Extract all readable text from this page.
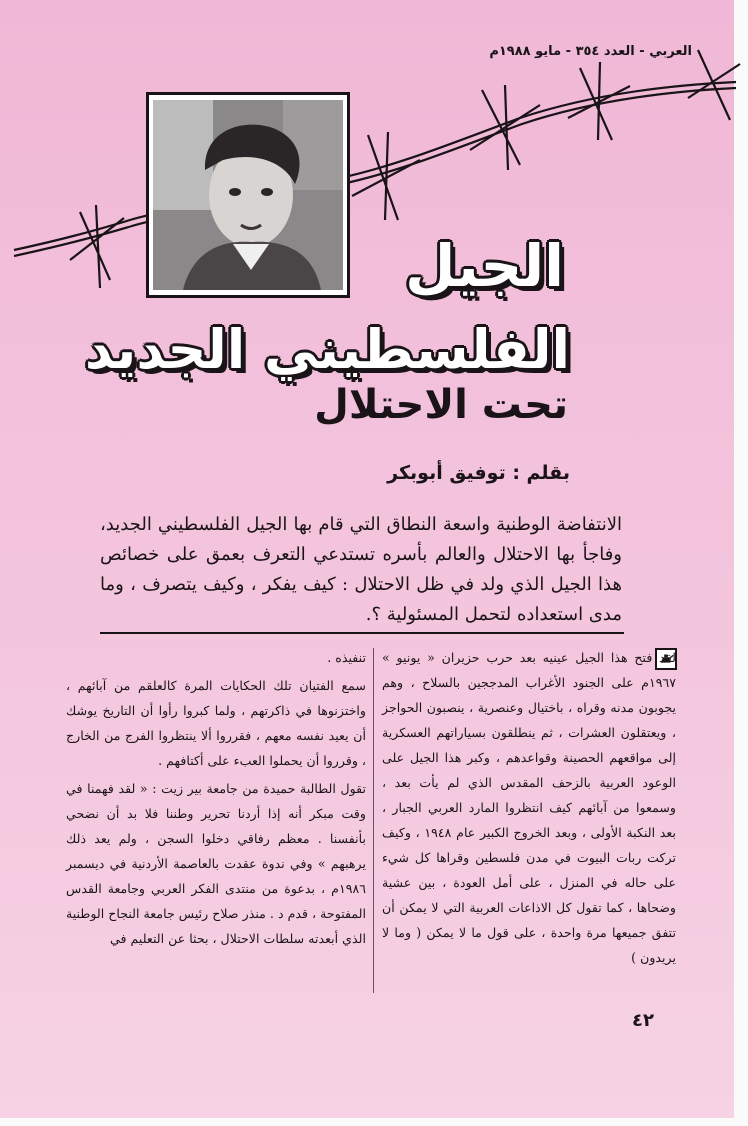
العربي - العدد ٣٥٤ - مايو ١٩٨٨م
الجيل
الفلسطيني الجديد
تحت الاحتلال
بقلم : توفيق أبوبكر
الانتفاضة الوطنية واسعة النطاق التي قام بها الجيل الفلسطيني الجديد، وفاجأ بها الاحتلال والعالم بأسره تستدعي التعرف بعمق على خصائص هذا الجيل الذي ولد في ظل الاحتلال : كيف يفكر ، وكيف يتصرف ، وما مدى استعداده لتحمل المسئولية ؟.

لقد فتح هذا الجيل عينيه بعد حرب حزيران « يونيو » ١٩٦٧م على الجنود الأغراب المدججين بالسلاح ، وهم يجوبون مدنه وقراه ، باختيال وعنصرية ، ينصبون الحواجز ، ويعتقلون العشرات ، ثم ينطلقون بسياراتهم العسكرية إلى مواقعهم الحصينة وقواعدهم ، وكبر هذا الجيل على الوعود العربية بالزحف المقدس الذي لم يأت بعد ، وسمعوا من آبائهم كيف انتظروا المارد العربي الجبار ، بعد النكبة الأولى ، وبعد الخروج الكبير عام ١٩٤٨ ، وكيف تركت ربات البيوت في مدن فلسطين وقراها كل شيء على حاله في المنزل ، على أمل العودة ، بين عشية وضحاها ، كما تقول كل الاذاعات العربية التي لا يمكن أن تتفق جميعها مرة واحدة ، على قول ما لا يمكن ( وما لا يريدون )

تنفيذه .

سمع الفتيان تلك الحكايات المرة كالعلقم من آبائهم ، واختزنوها في ذاكرتهم ، ولما كبروا رأوا أن التاريخ يوشك أن يعيد نفسه معهم ، فقرروا ألا ينتظروا الفرج من الخارج ، وقرروا أن يحملوا العبء على أكتافهم .

تقول الطالبة حميدة من جامعة بير زيت : « لقد فهمنا في وقت مبكر أنه إذا أردنا تحرير وطننا فلا بد أن نضحي بأنفسنا . معظم رفاقي دخلوا السجن ، ولم يعد ذلك يرهبهم » وفي ندوة عقدت بالعاصمة الأردنية في ديسمبر ١٩٨٦م ، بدعوة من منتدى الفكر العربي وجامعة القدس المفتوحة ، قدم د . منذر صلاح رئيس جامعة النجاح الوطنية الذي أبعدته سلطات الاحتلال ، بحثا عن التعليم في

٤٢
